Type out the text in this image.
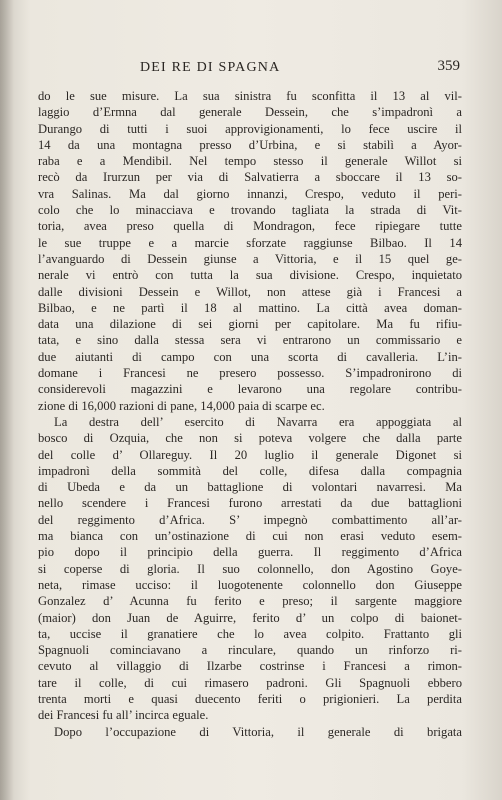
DEI RE DI SPAGNA	359

do le sue misure. La sua sinistra fu sconfitta il 13 al vil-
laggio d’Ermna dal generale Dessein, che s’impadronì a
Durango di tutti i suoi approvigionamenti, lo fece uscire il
14 da una montagna presso d’Urbina, e si stabilì a Ayor-
raba e a Mendibil. Nel tempo stesso il generale Willot si
recò da Irurzun per via di Salvatierra a sboccare il 13 so-
vra Salinas. Ma dal giorno innanzi, Crespo, veduto il peri-
colo che lo minacciava e trovando tagliata la strada di Vit-
toria, avea preso quella di Mondragon, fece ripiegare tutte
le sue truppe e a marcie sforzate raggiunse Bilbao. Il 14
l’avanguardo di Dessein giunse a Vittoria, e il 15 quel ge-
nerale vi entrò con tutta la sua divisione. Crespo, inquietato
dalle divisioni Dessein e Willot, non attese già i Francesi a
Bilbao, e ne partì il 18 al mattino. La città avea doman-
data una dilazione di sei giorni per capitolare. Ma fu rifiu-
tata, e sino dalla stessa sera vi entrarono un commissario e
due aiutanti di campo con una scorta di cavalleria. L’in-
domane i Francesi ne presero possesso. S’impadronirono di
considerevoli magazzini e levarono una regolare contribu-
zione di 16,000 razioni di pane, 14,000 paia di scarpe ec.

La destra dell’ esercito di Navarra era appoggiata al
bosco di Ozquia, che non si poteva volgere che dalla parte
del colle d’ Ollareguy. Il 20 luglio il generale Digonet si
impadronì della sommità del colle, difesa dalla compagnia
di Ubeda e da un battaglione di volontari navarresi. Ma
nello scendere i Francesi furono arrestati da due battaglioni
del reggimento d’Africa. S’ impegnò combattimento all’ar-
ma bianca con un’ostinazione di cui non erasi veduto esem-
pio dopo il principio della guerra. Il reggimento d’Africa
si coperse di gloria. Il suo colonnello, don Agostino Goye-
neta, rimase ucciso: il luogotenente colonnello don Giuseppe
Gonzalez d’ Acunna fu ferito e preso; il sargente maggiore
(maior) don Juan de Aguirre, ferito d’ un colpo di baionet-
ta, uccise il granatiere che lo avea colpito. Frattanto gli
Spagnuoli cominciavano a rinculare, quando un rinforzo ri-
cevuto al villaggio di Ilzarbe costrinse i Francesi a rimon-
tare il colle, di cui rimasero padroni. Gli Spagnuoli ebbero
trenta morti e quasi duecento feriti o prigionieri. La perdita
dei Francesi fu all’ incirca eguale.

Dopo l’occupazione di Vittoria, il generale di brigata
